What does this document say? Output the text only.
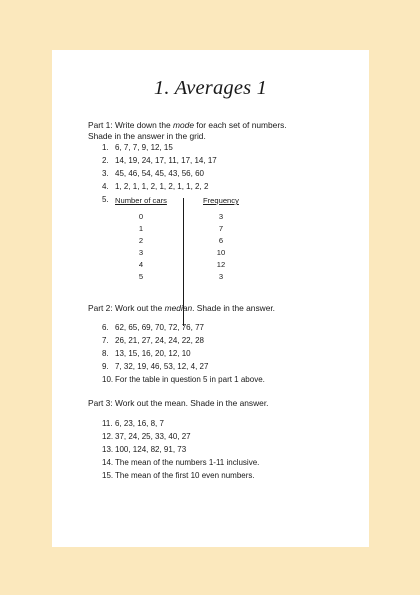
1. Averages 1
Part 1: Write down the mode for each set of numbers.
Shade in the answer in the grid.
1. 6, 7, 7, 9, 12, 15
2. 14, 19, 24, 17, 11, 17, 14, 17
3. 45, 46, 54, 45, 43, 56, 60
4. 1, 2, 1, 1, 2, 1, 2, 1, 1, 2, 2
5. Number of cars	Frequency
0	3
1	7
2	6
3	10
4	12
5	3
Part 2: Work out the median. Shade in the answer.
6. 62, 65, 69, 70, 72, 76, 77
7. 26, 21, 27, 24, 24, 22, 28
8. 13, 15, 16, 20, 12, 10
9. 7, 32, 19, 46, 53, 12, 4, 27
10. For the table in question 5 in part 1 above.
Part 3: Work out the mean. Shade in the answer.
11. 6, 23, 16, 8, 7
12. 37, 24, 25, 33, 40, 27
13. 100, 124, 82, 91, 73
14. The mean of the numbers 1-11 inclusive.
15. The mean of the first 10 even numbers.
